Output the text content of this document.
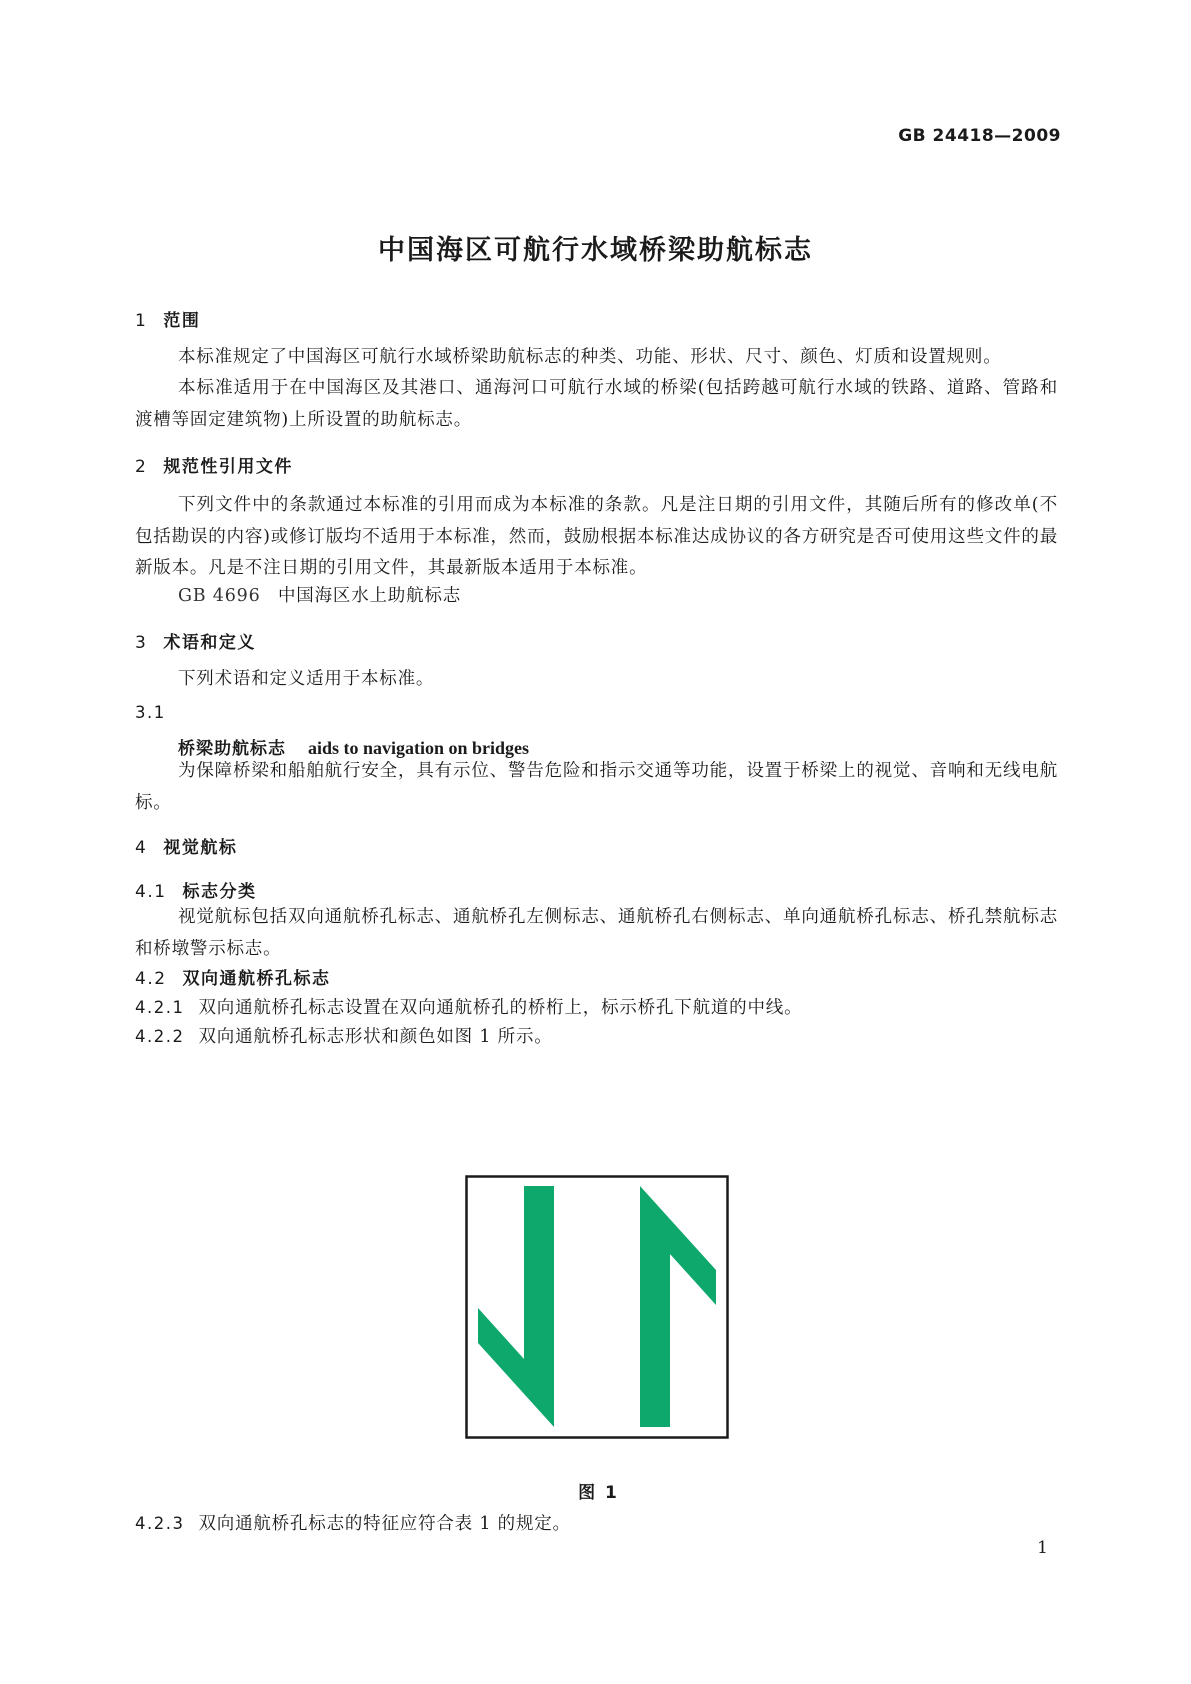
GB 24418—2009
中国海区可航行水域桥梁助航标志
1 范围
本标准规定了中国海区可航行水域桥梁助航标志的种类、功能、形状、尺寸、颜色、灯质和设置规则。
本标准适用于在中国海区及其港口、通海河口可航行水域的桥梁(包括跨越可航行水域的铁路、道路、管路和渡槽等固定建筑物)上所设置的助航标志。
2 规范性引用文件
下列文件中的条款通过本标准的引用而成为本标准的条款。凡是注日期的引用文件，其随后所有的修改单(不包括勘误的内容)或修订版均不适用于本标准，然而，鼓励根据本标准达成协议的各方研究是否可使用这些文件的最新版本。凡是不注日期的引用文件，其最新版本适用于本标准。
GB 4696 中国海区水上助航标志
3 术语和定义
下列术语和定义适用于本标准。
3.1
桥梁助航标志 aids to navigation on bridges
为保障桥梁和船舶航行安全，具有示位、警告危险和指示交通等功能，设置于桥梁上的视觉、音响和无线电航标。
4 视觉航标
4.1 标志分类
视觉航标包括双向通航桥孔标志、通航桥孔左侧标志、通航桥孔右侧标志、单向通航桥孔标志、桥孔禁航标志和桥墩警示标志。
4.2 双向通航桥孔标志
4.2.1 双向通航桥孔标志设置在双向通航桥孔的桥桁上，标示桥孔下航道的中线。
4.2.2 双向通航桥孔标志形状和颜色如图 1 所示。
4.2.3 双向通航桥孔标志的特征应符合表 1 的规定。
图 1
1
